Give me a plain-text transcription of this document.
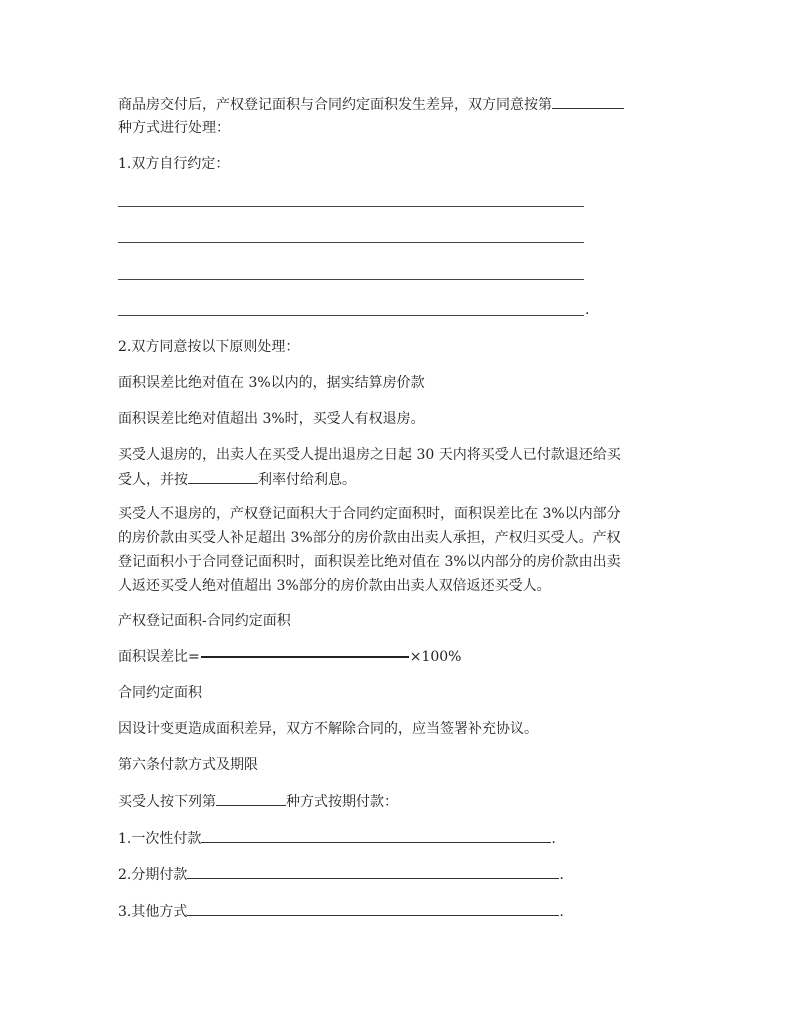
商品房交付后，产权登记面积与合同约定面积发生差异，双方同意按第
种方式进行处理：
1.双方自行约定：
.
2.双方同意按以下原则处理：
面积误差比绝对值在 3%以内的，据实结算房价款
面积误差比绝对值超出 3%时，买受人有权退房。
买受人退房的，出卖人在买受人提出退房之日起 30 天内将买受人已付款退还给买
受人，并按	利率付给利息。
买受人不退房的，产权登记面积大于合同约定面积时，面积误差比在 3%以内部分
的房价款由买受人补足超出 3%部分的房价款由出卖人承担，产权归买受人。产权
登记面积小于合同登记面积时，面积误差比绝对值在 3%以内部分的房价款由出卖
人返还买受人绝对值超出 3%部分的房价款由出卖人双倍返还买受人。
产权登记面积-合同约定面积
面积误差比=	×100%
合同约定面积
因设计变更造成面积差异，双方不解除合同的，应当签署补充协议。
第六条付款方式及期限
买受人按下列第	种方式按期付款：
1.一次性付款	.
2.分期付款	.
3.其他方式	.
